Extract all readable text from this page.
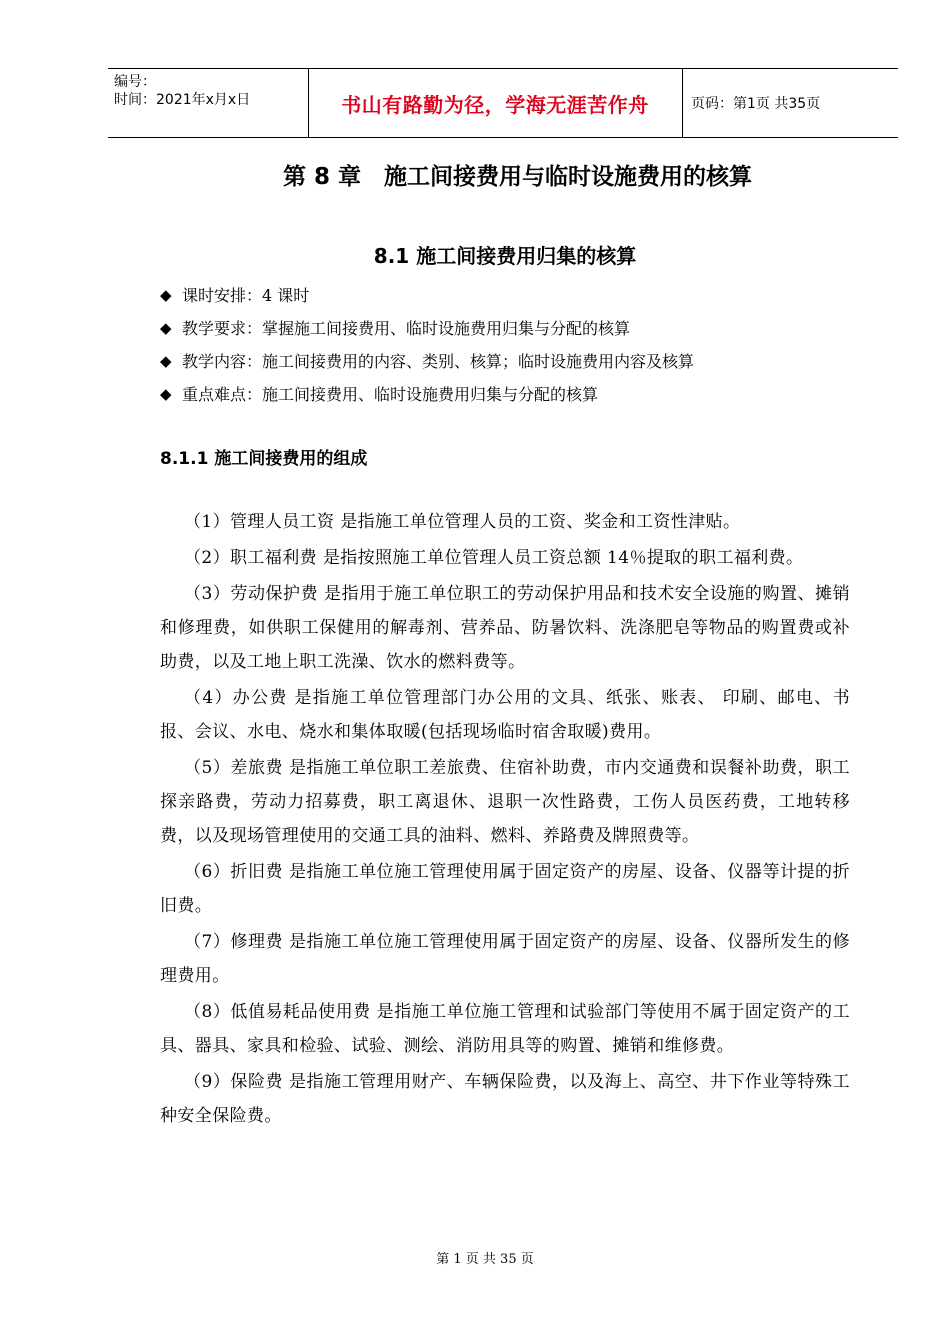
编号：
时间：2021年x月x日	书山有路勤为径，学海无涯苦作舟	页码：第1页 共35页
第 8 章　施工间接费用与临时设施费用的核算
8.1 施工间接费用归集的核算
◆ 课时安排：4 课时
◆ 教学要求：掌握施工间接费用、临时设施费用归集与分配的核算
◆ 教学内容：施工间接费用的内容、类别、核算；临时设施费用内容及核算
◆ 重点难点：施工间接费用、临时设施费用归集与分配的核算
8.1.1 施工间接费用的组成

（1）管理人员工资 是指施工单位管理人员的工资、奖金和工资性津贴。

（2）职工福利费 是指按照施工单位管理人员工资总额 14％提取的职工福利费。

（3）劳动保护费 是指用于施工单位职工的劳动保护用品和技术安全设施的购置、摊销和修理费，如供职工保健用的解毒剂、营养品、防暑饮料、洗涤肥皂等物品的购置费或补助费，以及工地上职工洗澡、饮水的燃料费等。

（4）办公费 是指施工单位管理部门办公用的文具、纸张、账表、 印刷、邮电、书报、会议、水电、烧水和集体取暖(包括现场临时宿舍取暖)费用。

（5）差旅费 是指施工单位职工差旅费、住宿补助费，市内交通费和误餐补助费，职工探亲路费，劳动力招募费，职工离退休、退职一次性路费，工伤人员医药费，工地转移费，以及现场管理使用的交通工具的油料、燃料、养路费及牌照费等。

（6）折旧费 是指施工单位施工管理使用属于固定资产的房屋、设备、仪器等计提的折旧费。

（7）修理费 是指施工单位施工管理使用属于固定资产的房屋、设备、仪器所发生的修理费用。

（8）低值易耗品使用费 是指施工单位施工管理和试验部门等使用不属于固定资产的工具、器具、家具和检验、试验、测绘、消防用具等的购置、摊销和维修费。

（9）保险费 是指施工管理用财产、车辆保险费，以及海上、高空、井下作业等特殊工种安全保险费。

第 1 页 共 35 页
